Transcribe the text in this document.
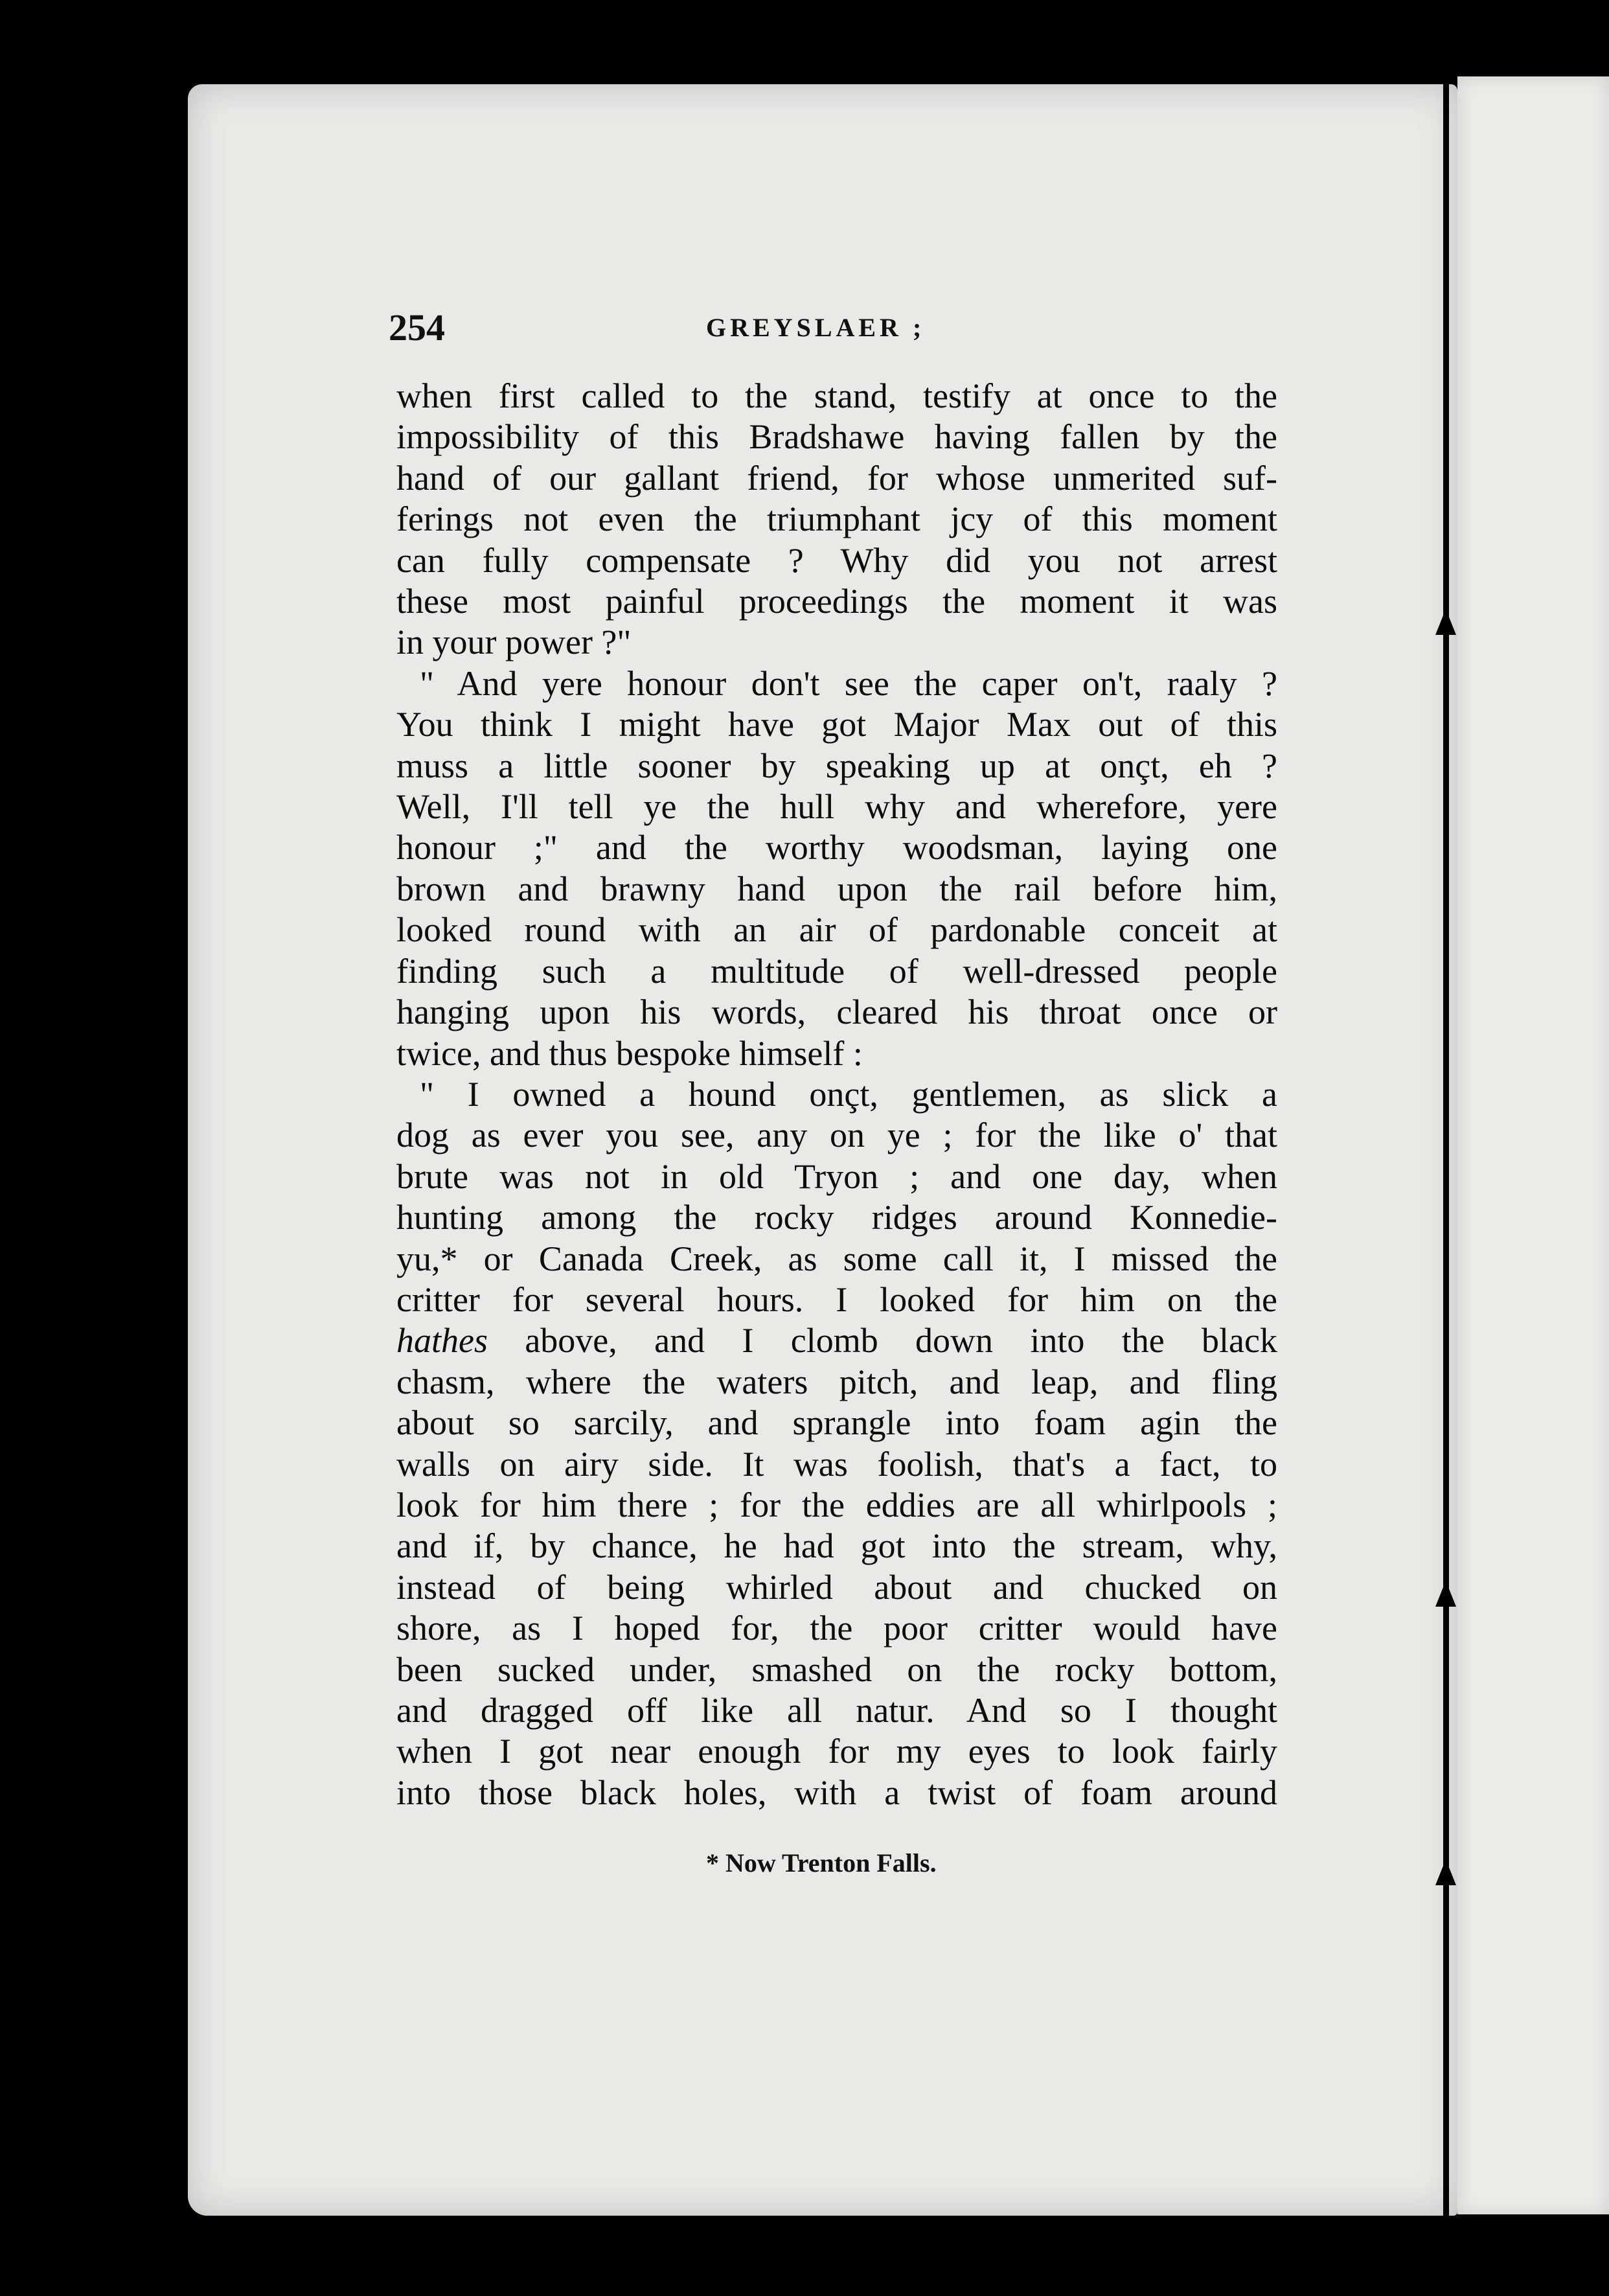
254	GREYSLAER ;
when first called to the stand, testify at once to the
impossibility of this Bradshawe having fallen by the
hand of our gallant friend, for whose unmerited suf-
ferings not even the triumphant jcy of this moment
can fully compensate ? Why did you not arrest
these most painful proceedings the moment it was
in your power ?"
" And yere honour don't see the caper on't, raaly ?
You think I might have got Major Max out of this
muss a little sooner by speaking up at onçt, eh ?
Well, I'll tell ye the hull why and wherefore, yere
honour ;" and the worthy woodsman, laying one
brown and brawny hand upon the rail before him,
looked round with an air of pardonable conceit at
finding such a multitude of well-dressed people
hanging upon his words, cleared his throat once or
twice, and thus bespoke himself :
" I owned a hound onçt, gentlemen, as slick a
dog as ever you see, any on ye ; for the like o' that
brute was not in old Tryon ; and one day, when
hunting among the rocky ridges around Konnedie-
yu,* or Canada Creek, as some call it, I missed the
critter for several hours. I looked for him on the
hathes above, and I clomb down into the black
chasm, where the waters pitch, and leap, and fling
about so sarcily, and sprangle into foam agin the
walls on airy side. It was foolish, that's a fact, to
look for him there ; for the eddies are all whirlpools ;
and if, by chance, he had got into the stream, why,
instead of being whirled about and chucked on
shore, as I hoped for, the poor critter would have
been sucked under, smashed on the rocky bottom,
and dragged off like all natur. And so I thought
when I got near enough for my eyes to look fairly
into those black holes, with a twist of foam around
* Now Trenton Falls.
